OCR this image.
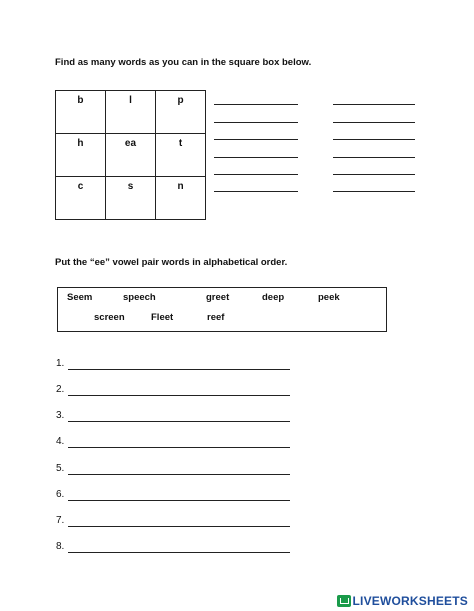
Find as many words as you can in the square box below.
b	l	p
h	ea	t
c	s	n
Put the “ee” vowel pair words in alphabetical order.
Seem	speech	greet	deep	peek
screen	Fleet	reef
1.
2.
3.
4.
5.
6.
7.
8.
LIVEWORKSHEETS
